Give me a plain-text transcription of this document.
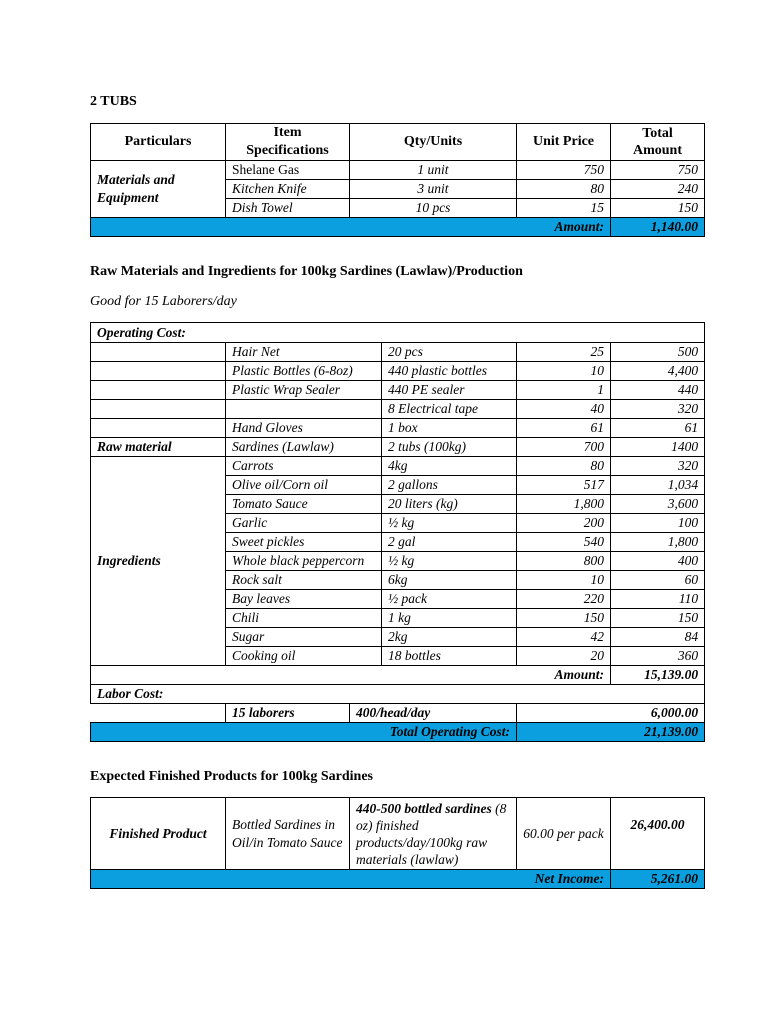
2 TUBS
Particulars	Item Specifications	Qty/Units	Unit Price	Total
Amount
Materials and Equipment	Shelane Gas	1 unit	750	750
	Kitchen Knife	3 unit	80	240
	Dish Towel	10 pcs	15	150
Amount:				1,140.00
Raw Materials and Ingredients for 100kg Sardines (Lawlaw)/Production
Good for 15 Laborers/day
Operating Cost:					
	Hair Net		20 pcs	25	500
	Plastic Bottles (6-8oz)		440 plastic bottles	10	4,400
	Plastic Wrap Sealer		440 PE sealer	1	440
			8 Electrical tape	40	320
	Hand Gloves		1 box	61	61
Raw material	Sardines (Lawlaw)		2 tubs (100kg)	700	1400
Ingredients	Carrots		4kg	80	320
	Olive oil/Corn oil		2 gallons	517	1,034
	Tomato Sauce		20 liters (kg)	1,800	3,600
	Garlic		½ kg	200	100
	Sweet pickles		2 gal	540	1,800
	Whole black peppercorn		½ kg	800	400
	Rock salt		6kg	10	60
	Bay leaves		½ pack	220	110
	Chili		1 kg	150	150
	Sugar		2kg	42	84
	Cooking oil		18 bottles	20	360
Amount:					15,139.00
Labor Cost:					
	15 laborers	400/head/day		6,000.00	
Total Operating Cost:				21,139.00	
Expected Finished Products for 100kg Sardines
Finished Product	Bottled Sardines in Oil/in Tomato Sauce	440-500 bottled sardines (8 oz) finished products/day/100kg raw materials (lawlaw)	60.00 per pack	26,400.00
Net Income:				5,261.00
